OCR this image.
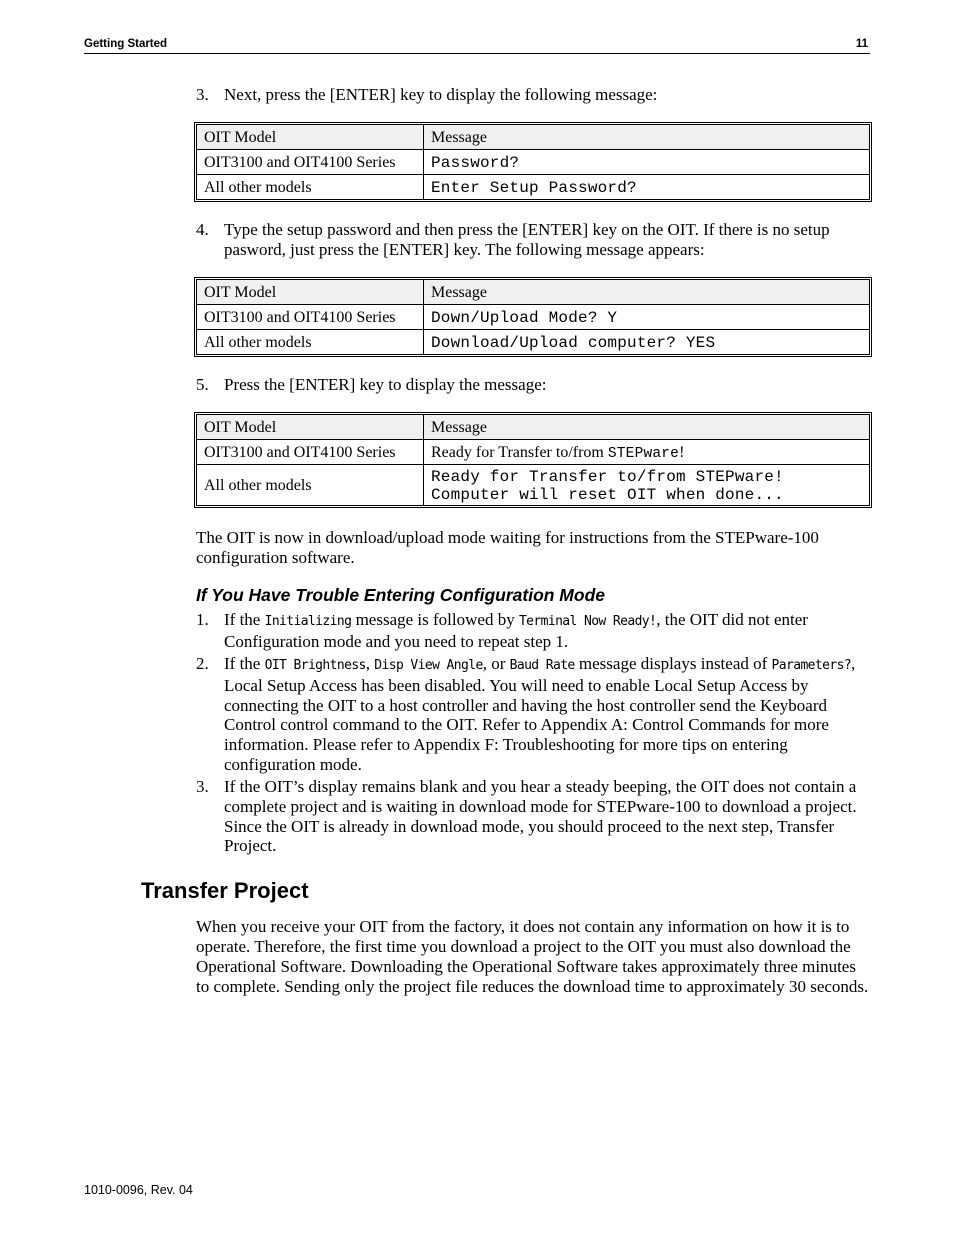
Getting Started	11
3. Next, press the [ENTER] key to display the following message:
OIT Model	Message
OIT3100 and OIT4100 Series	Password?
All other models	Enter Setup Password?
4. Type the setup password and then press the [ENTER] key on the OIT. If there is no setup pasword, just press the [ENTER] key. The following message appears:
OIT Model	Message
OIT3100 and OIT4100 Series	Down/Upload Mode? Y
All other models	Download/Upload computer? YES
5. Press the [ENTER] key to display the message:
OIT Model	Message
OIT3100 and OIT4100 Series	Ready for Transfer to/from STEPware!
All other models	Ready for Transfer to/from STEPware!
Computer will reset OIT when done...
The OIT is now in download/upload mode waiting for instructions from the STEPware-100 configuration software.
If You Have Trouble Entering Configuration Mode
1. If the Initializing message is followed by Terminal Now Ready!, the OIT did not enter Configuration mode and you need to repeat step 1.
2. If the OIT Brightness, Disp View Angle, or Baud Rate message displays instead of Parameters?, Local Setup Access has been disabled. You will need to enable Local Setup Access by connecting the OIT to a host controller and having the host controller send the Keyboard Control control command to the OIT. Refer to Appendix A: Control Commands for more information. Please refer to Appendix F: Troubleshooting for more tips on entering configuration mode.
3. If the OIT’s display remains blank and you hear a steady beeping, the OIT does not contain a complete project and is waiting in download mode for STEPware-100 to download a project. Since the OIT is already in download mode, you should proceed to the next step, Transfer Project.
Transfer Project
When you receive your OIT from the factory, it does not contain any information on how it is to operate. Therefore, the first time you download a project to the OIT you must also download the Operational Software. Downloading the Operational Software takes approximately three minutes to complete. Sending only the project file reduces the download time to approximately 30 seconds.
1010-0096, Rev. 04
